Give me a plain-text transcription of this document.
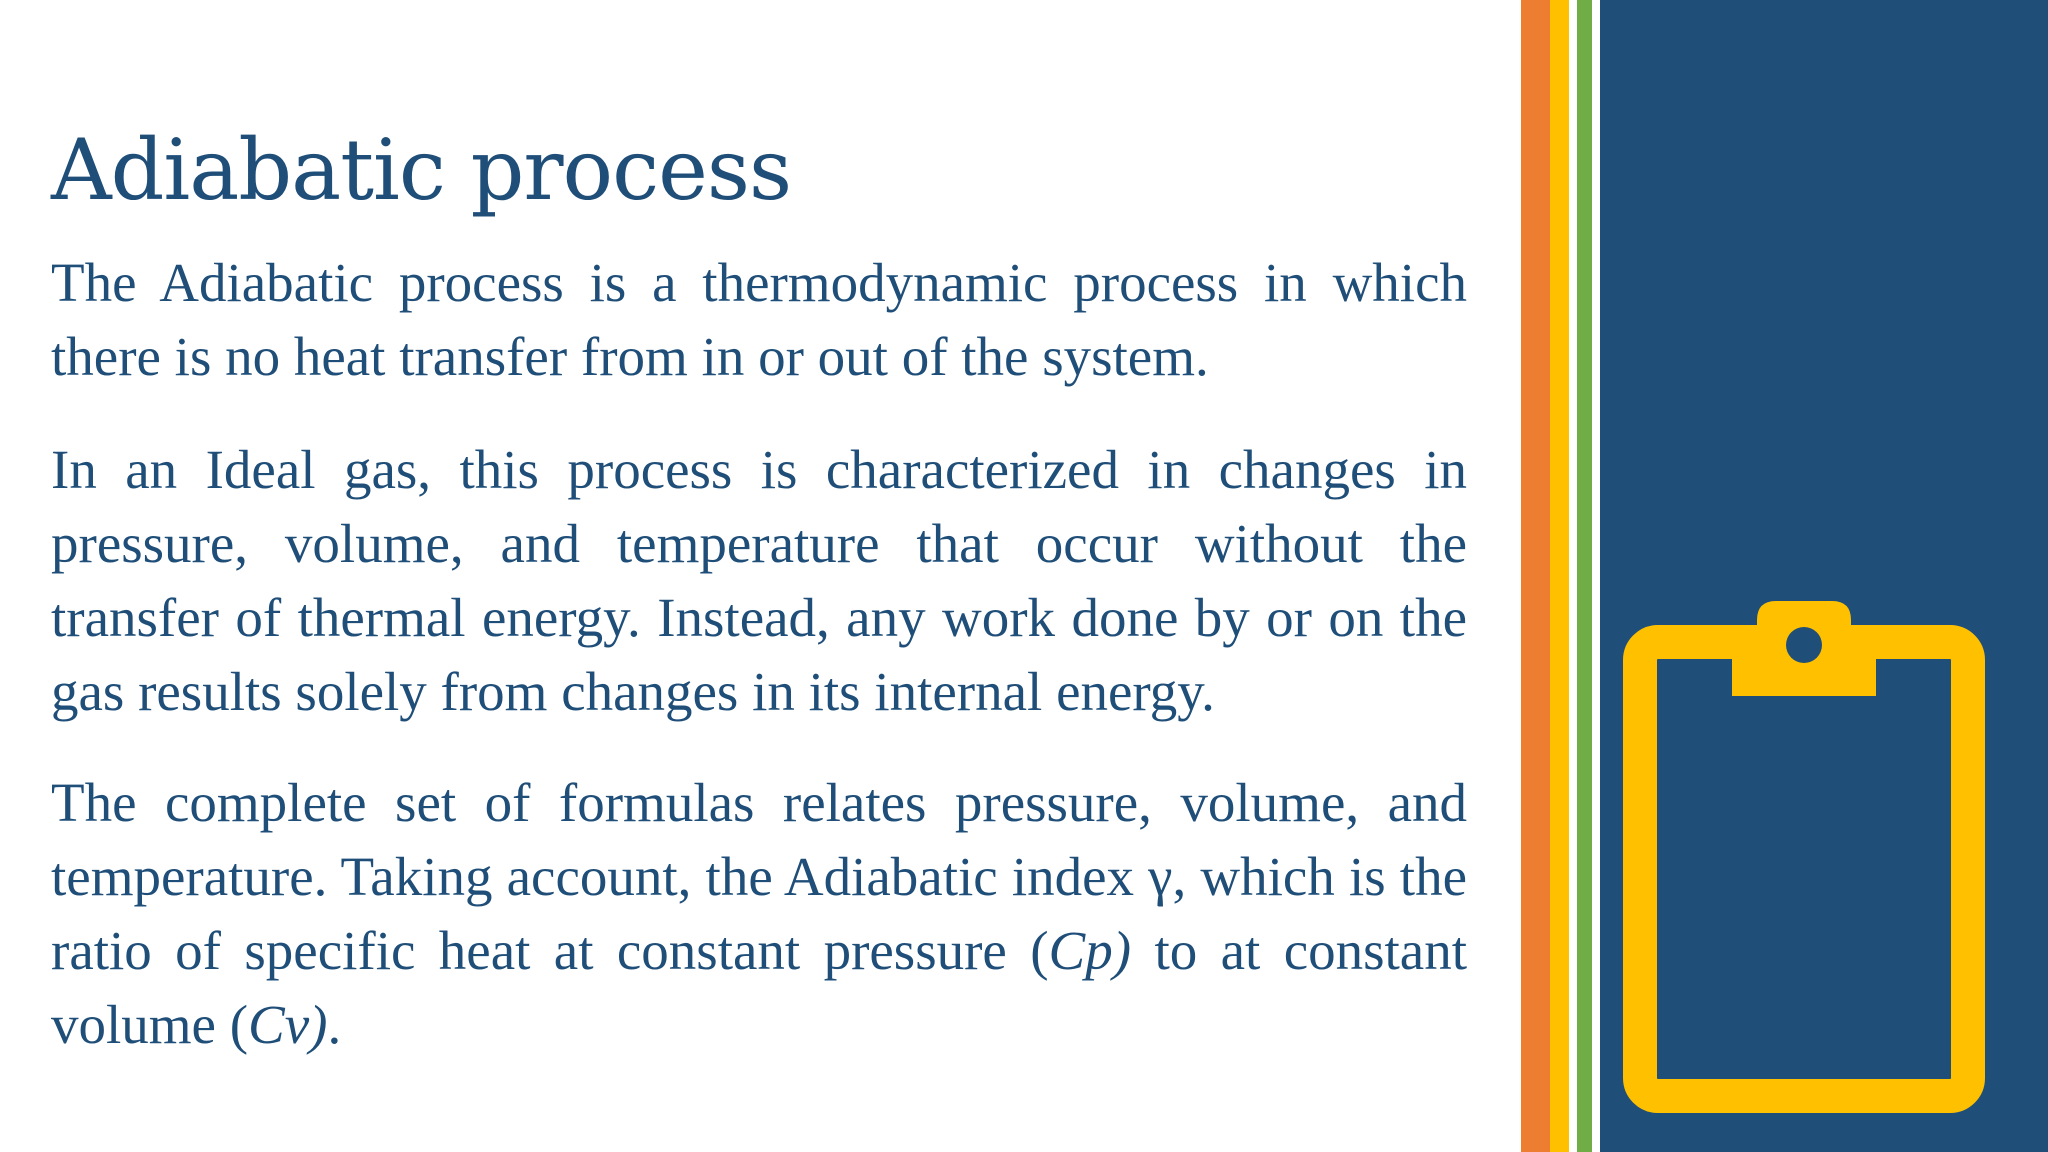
Adiabatic process

The Adiabatic process is a thermodynamic process in which there is no heat transfer from in or out of the system.

In an Ideal gas, this process is characterized in changes in pressure, volume, and temperature that occur without the transfer of thermal energy. Instead, any work done by or on the gas results solely from changes in its internal energy.

The complete set of formulas relates pressure, volume, and temperature. Taking account, the Adiabatic index γ, which is the ratio of specific heat at constant pressure (Cp) to at constant volume (Cv).
